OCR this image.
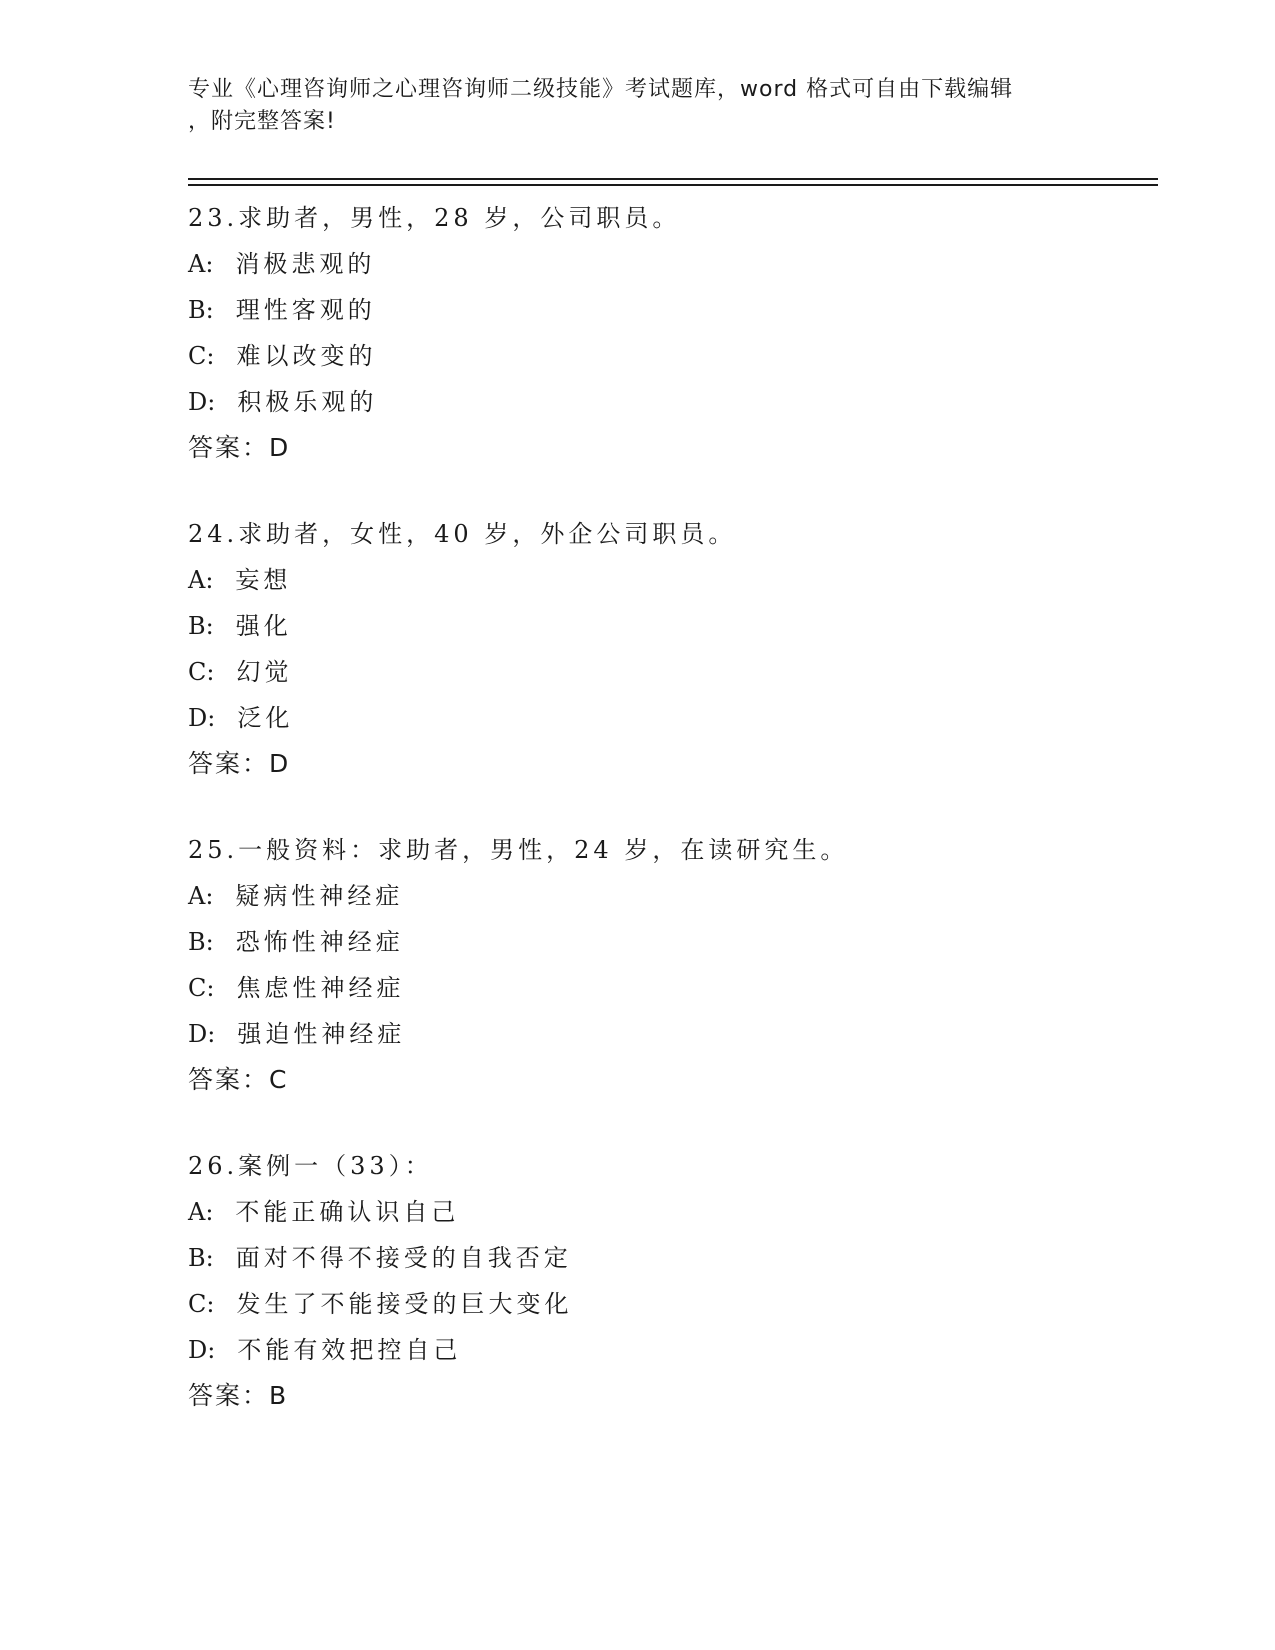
专业《心理咨询师之心理咨询师二级技能》考试题库，word 格式可自由下载编辑
，附完整答案!
23.求助者，男性，28 岁，公司职员。
A: 消极悲观的
B: 理性客观的
C: 难以改变的
D: 积极乐观的
答案：D
24.求助者，女性，40 岁，外企公司职员。
A: 妄想
B: 强化
C: 幻觉
D: 泛化
答案：D
25.一般资料：求助者，男性，24 岁，在读研究生。
A: 疑病性神经症
B: 恐怖性神经症
C: 焦虑性神经症
D: 强迫性神经症
答案：C
26.案例一（33）：
A: 不能正确认识自己
B: 面对不得不接受的自我否定
C: 发生了不能接受的巨大变化
D: 不能有效把控自己
答案：B
